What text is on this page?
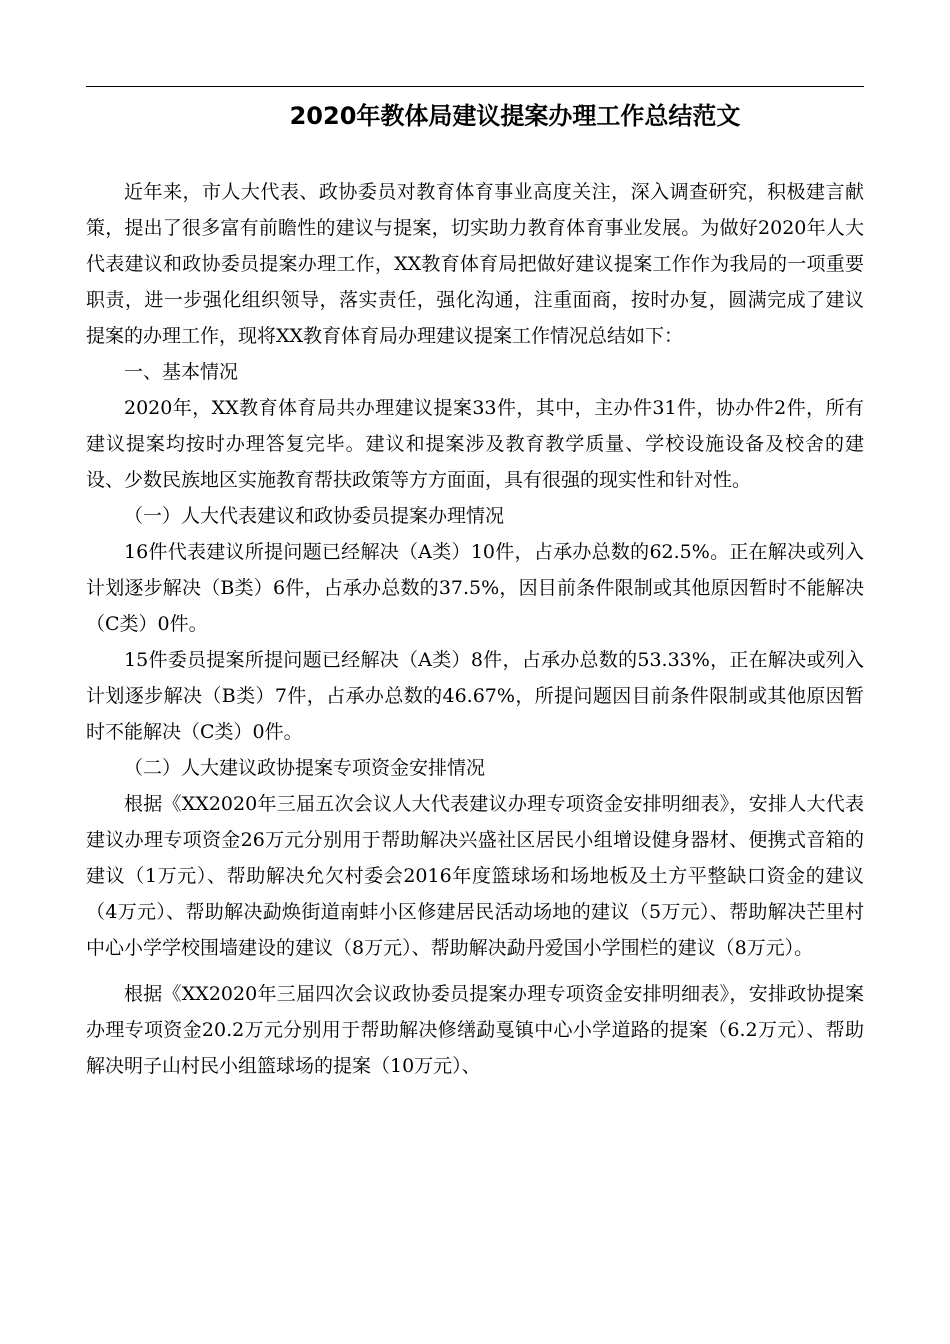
2020年教体局建议提案办理工作总结范文

近年来，市人大代表、政协委员对教育体育事业高度关注，深入调查研究，积极建言献策，提出了很多富有前瞻性的建议与提案，切实助力教育体育事业发展。为做好2020年人大代表建议和政协委员提案办理工作，XX教育体育局把做好建议提案工作作为我局的一项重要职责，进一步强化组织领导，落实责任，强化沟通，注重面商，按时办复，圆满完成了建议提案的办理工作，现将XX教育体育局办理建议提案工作情况总结如下：

一、基本情况

2020年，XX教育体育局共办理建议提案33件，其中，主办件31件，协办件2件，所有建议提案均按时办理答复完毕。建议和提案涉及教育教学质量、学校设施设备及校舍的建设、少数民族地区实施教育帮扶政策等方方面面，具有很强的现实性和针对性。

（一）人大代表建议和政协委员提案办理情况

16件代表建议所提问题已经解决（A类）10件，占承办总数的62.5%。正在解决或列入计划逐步解决（B类）6件，占承办总数的37.5%，因目前条件限制或其他原因暂时不能解决（C类）0件。

15件委员提案所提问题已经解决（A类）8件，占承办总数的53.33%，正在解决或列入计划逐步解决（B类）7件，占承办总数的46.67%，所提问题因目前条件限制或其他原因暂时不能解决（C类）0件。

（二）人大建议政协提案专项资金安排情况

根据《XX2020年三届五次会议人大代表建议办理专项资金安排明细表》，安排人大代表建议办理专项资金26万元分别用于帮助解决兴盛社区居民小组增设健身器材、便携式音箱的建议（1万元）、帮助解决允欠村委会2016年度篮球场和场地板及土方平整缺口资金的建议（4万元）、帮助解决勐焕街道南蚌小区修建居民活动场地的建议（5万元）、帮助解决芒里村中心小学学校围墙建设的建议（8万元）、帮助解决勐丹爱国小学围栏的建议（8万元）。

根据《XX2020年三届四次会议政协委员提案办理专项资金安排明细表》，安排政协提案办理专项资金20.2万元分别用于帮助解决修缮勐戛镇中心小学道路的提案（6.2万元）、帮助解决明子山村民小组篮球场的提案（10万元）、
